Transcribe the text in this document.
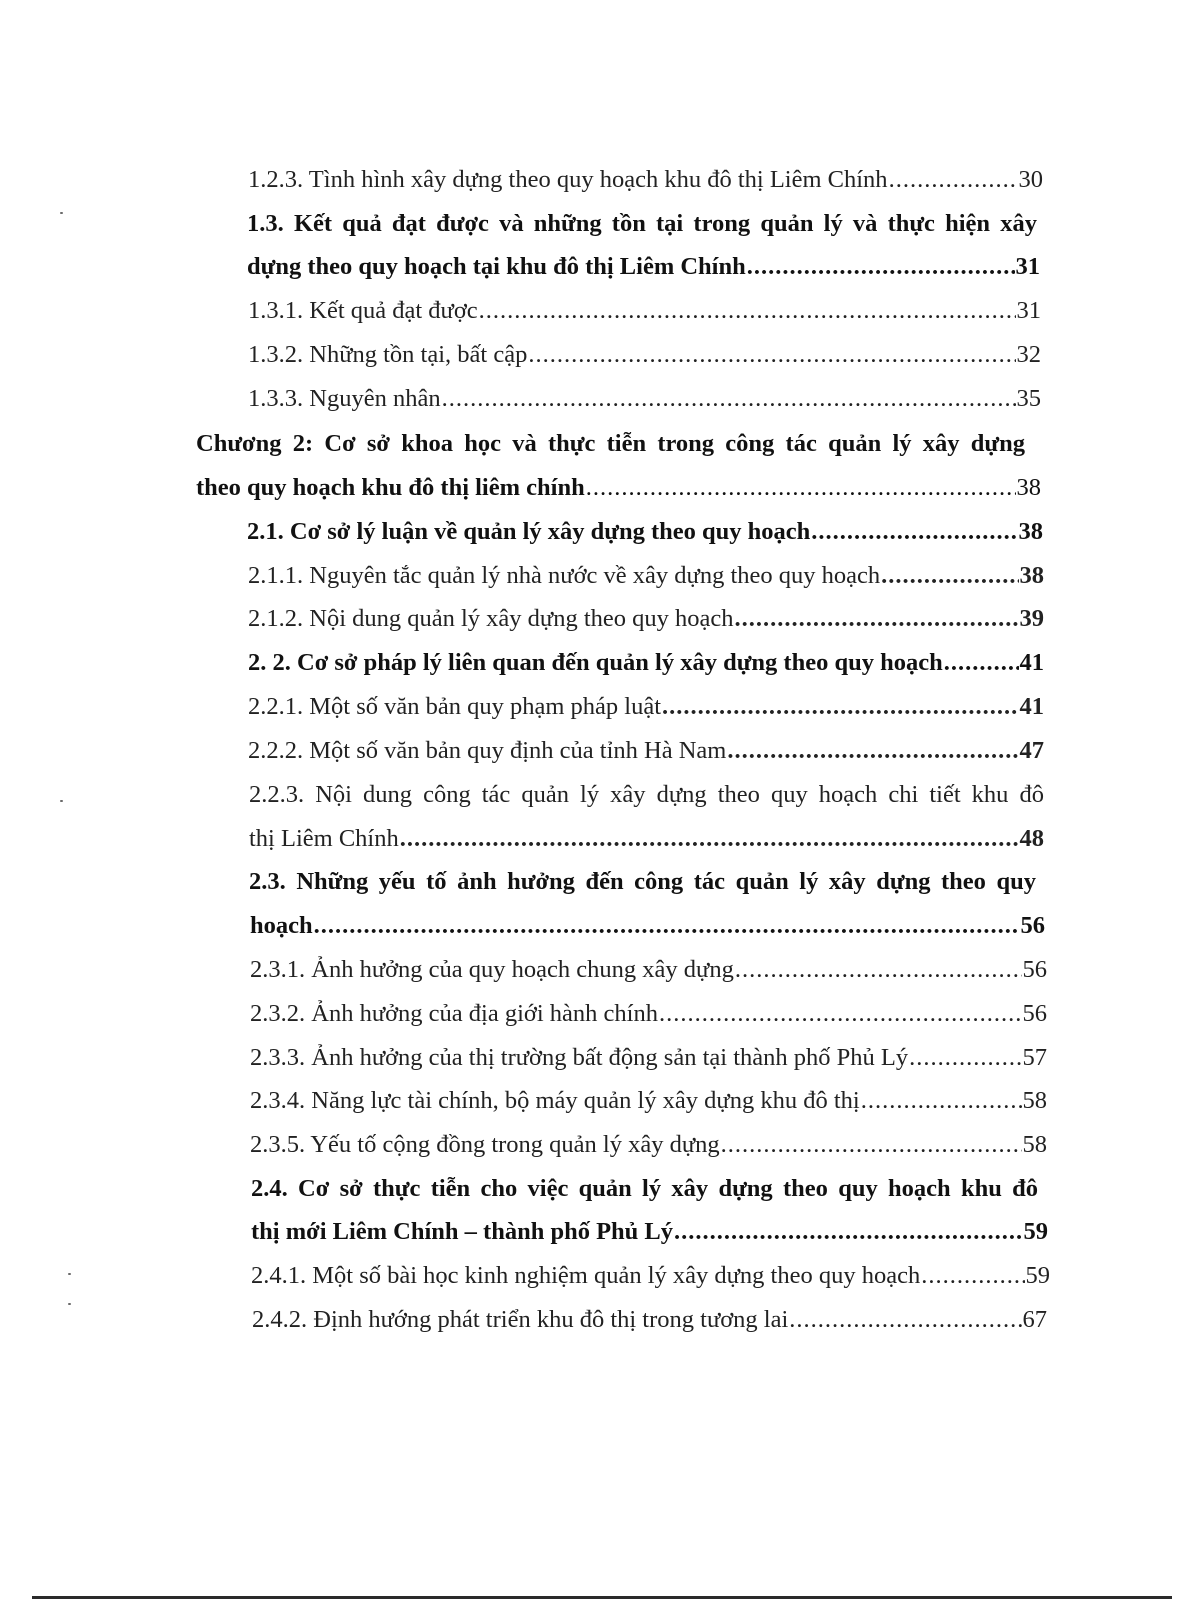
1.2.3. Tình hình xây dựng theo quy hoạch khu đô thị Liêm Chính .....	30
1.3. Kết quả đạt được và những tồn tại trong quản lý và thực hiện xây
dựng theo quy hoạch tại khu đô thị Liêm Chính .....	31
1.3.1. Kết quả đạt được .....	31
1.3.2. Những tồn tại, bất cập .....	32
1.3.3. Nguyên nhân .....	35
Chương 2: Cơ sở khoa học và thực tiễn trong công tác quản lý xây dựng
theo quy hoạch khu đô thị liêm chính .....	38
2.1. Cơ sở lý luận về quản lý xây dựng theo quy hoạch .....	38
2.1.1. Nguyên tắc quản lý nhà nước về xây dựng theo quy hoạch .....	38
2.1.2. Nội dung quản lý xây dựng theo quy hoạch .....	39
2. 2. Cơ sở pháp lý liên quan đến quản lý xây dựng theo quy hoạch .....	41
2.2.1. Một số văn bản quy phạm pháp luật .....	41
2.2.2. Một số văn bản quy định của tỉnh Hà Nam .....	47
2.2.3. Nội dung công tác quản lý xây dựng theo quy hoạch chi tiết khu đô
thị Liêm Chính .....	48
2.3. Những yếu tố ảnh hưởng đến công tác quản lý xây dựng theo quy
hoạch .....	56
2.3.1. Ảnh hưởng của quy hoạch chung xây dựng .....	56
2.3.2. Ảnh hưởng của địa giới hành chính .....	56
2.3.3. Ảnh hưởng của thị trường bất động sản tại thành phố Phủ Lý .....	57
2.3.4. Năng lực tài chính, bộ máy quản lý xây dựng khu đô thị .....	58
2.3.5. Yếu tố cộng đồng trong quản lý xây dựng .....	58
2.4. Cơ sở thực tiễn cho việc quản lý xây dựng theo quy hoạch khu đô
thị mới Liêm Chính – thành phố Phủ Lý .....	59
2.4.1. Một số bài học kinh nghiệm quản lý xây dựng theo quy hoạch .....	59
2.4.2. Định hướng phát triển khu đô thị trong tương lai .....	67
